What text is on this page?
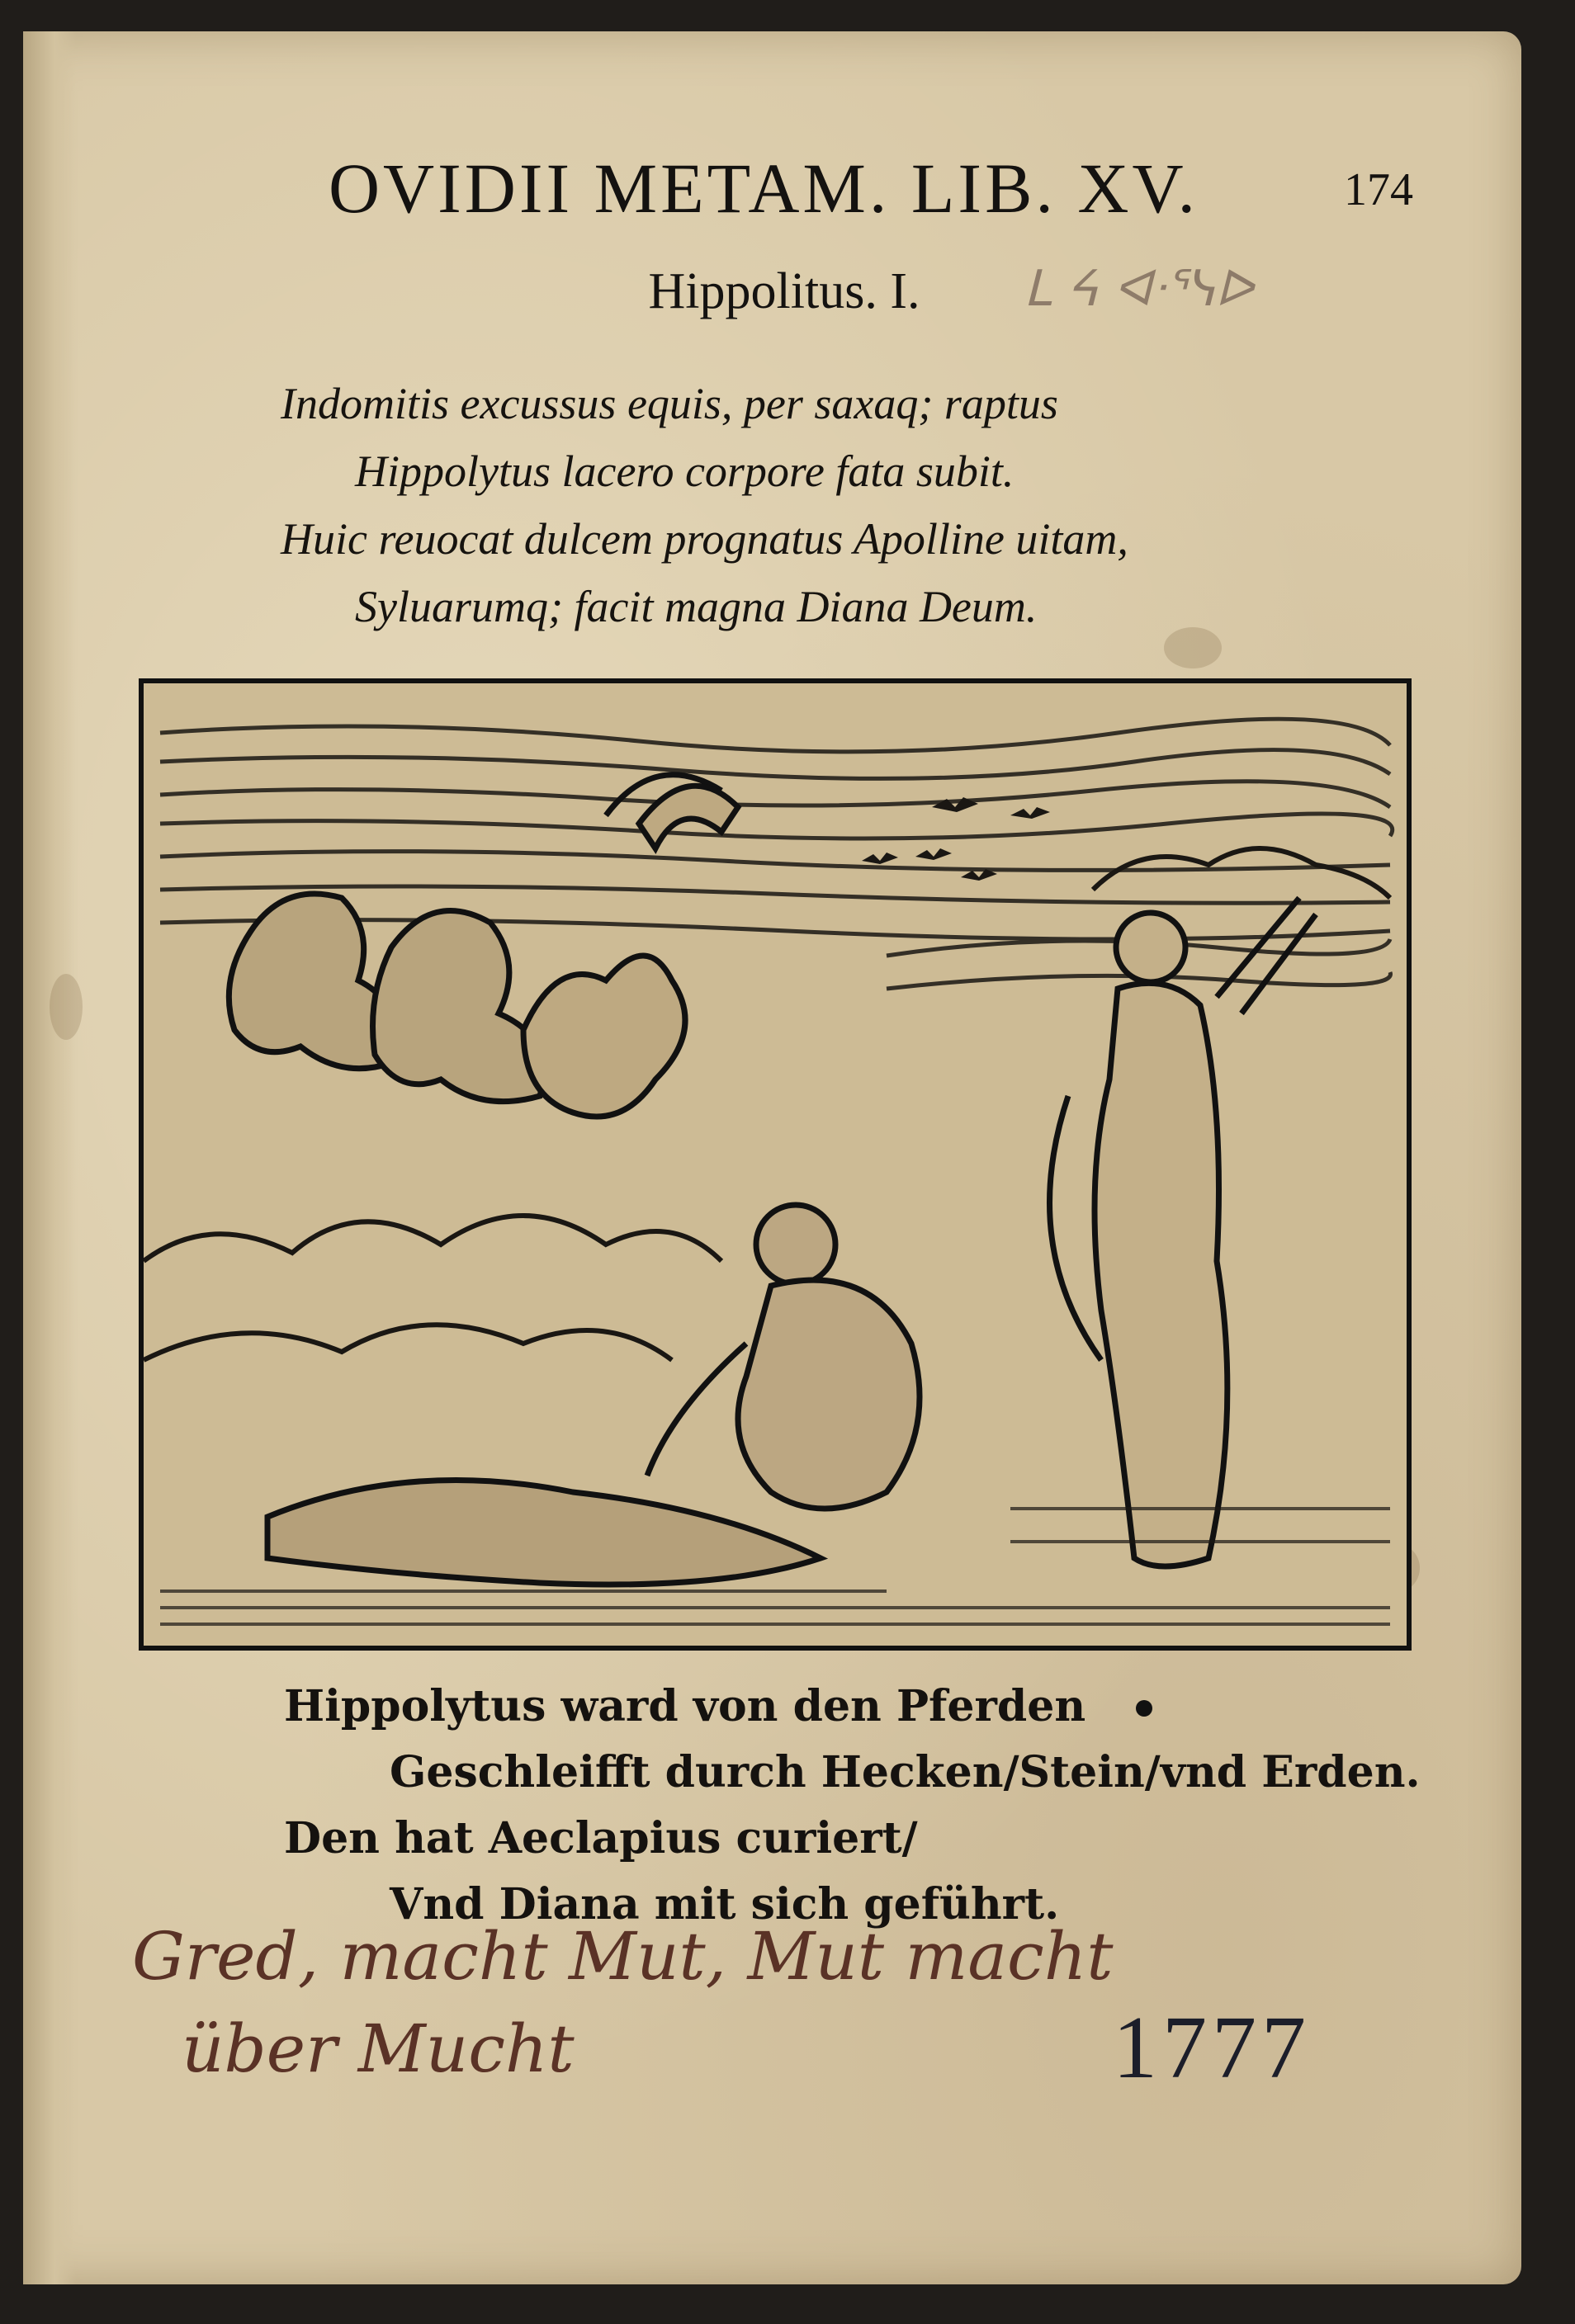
OVIDII METAM. LIB. XV.	174
Hippolitus. I.	ᒪ ᔦ ᐊᐧᕐᓭᐅ
Indomitis excussus equis, per saxaq; raptus
Hippolytus lacero corpore fata subit.
Huic reuocat dulcem prognatus Apolline uitam,
Syluarumq; facit magna Diana Deum.
Hippolytus ward von den Pferden
Geschleifft durch Hecken/Stein/vnd Erden.
Den hat Aeclapius curiert/
Vnd Diana mit sich geführt.
Gred, macht Mut, Mut macht
über Mucht	1777
